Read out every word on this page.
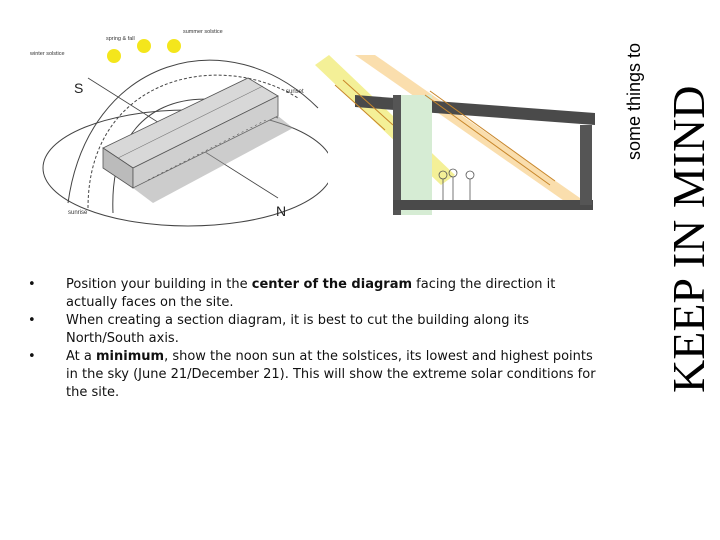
summer solstice
spring & fall
winter solstice
S
N
sunset
sunrise	KEEP IN MIND
some things to
• Position your building in the center of the diagram facing the direction it actually faces on the site.
• When creating a section diagram, it is best to cut the building along its North/South axis.
• At a minimum, show the noon sun at the solstices, its lowest and highest points in the sky (June 21/December 21). This will show the extreme solar conditions for the site.
